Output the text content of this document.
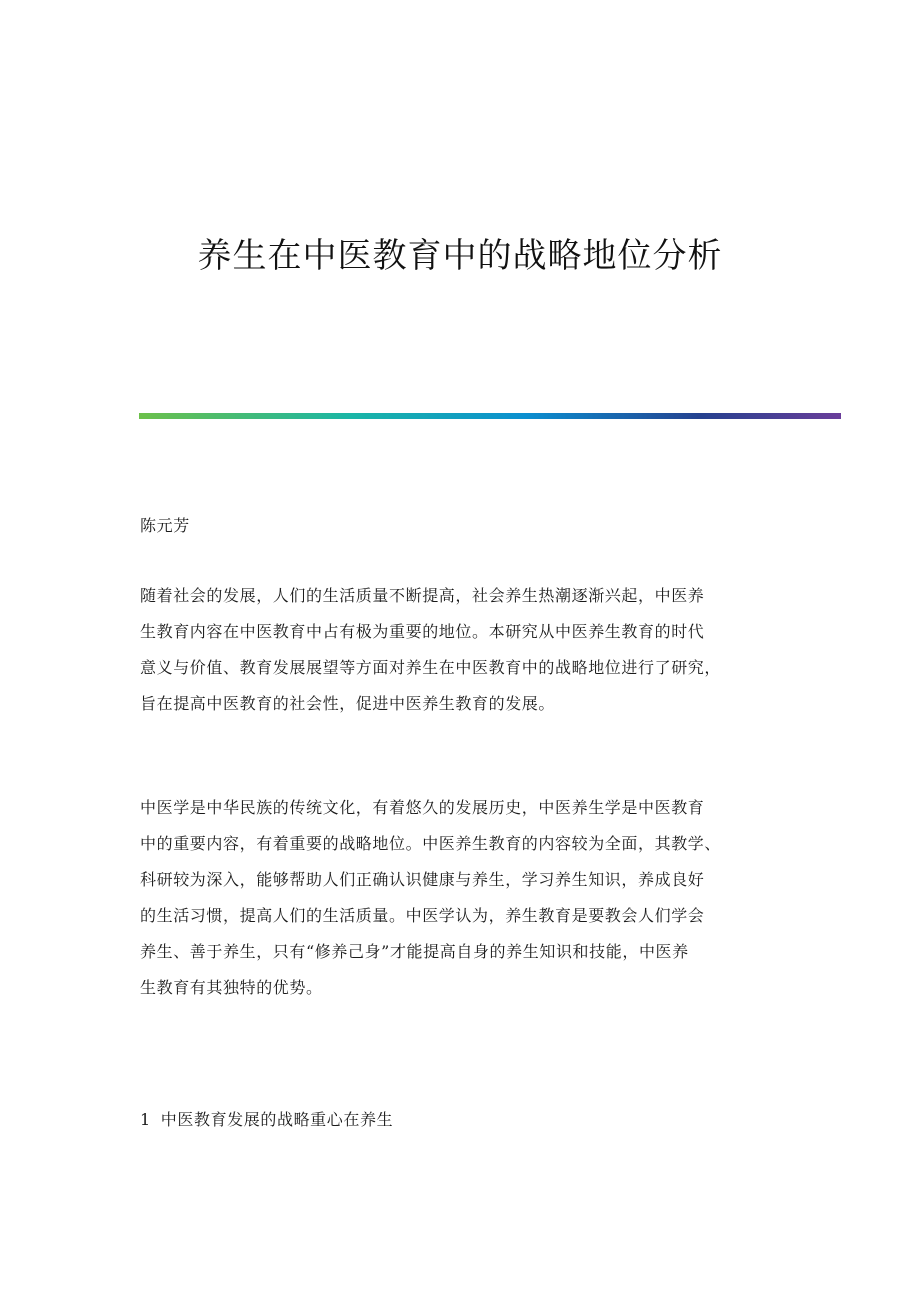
养生在中医教育中的战略地位分析

陈元芳

随着社会的发展，人们的生活质量不断提高，社会养生热潮逐渐兴起，中医养
生教育内容在中医教育中占有极为重要的地位。本研究从中医养生教育的时代
意义与价值、教育发展展望等方面对养生在中医教育中的战略地位进行了研究，
旨在提高中医教育的社会性，促进中医养生教育的发展。
中医学是中华民族的传统文化，有着悠久的发展历史，中医养生学是中医教育
中的重要内容，有着重要的战略地位。中医养生教育的内容较为全面，其教学、
科研较为深入，能够帮助人们正确认识健康与养生，学习养生知识，养成良好
的生活习惯，提高人们的生活质量。中医学认为，养生教育是要教会人们学会
养生、善于养生，只有“修养己身”才能提高自身的养生知识和技能，中医养
生教育有其独特的优势。

1 中医教育发展的战略重心在养生
